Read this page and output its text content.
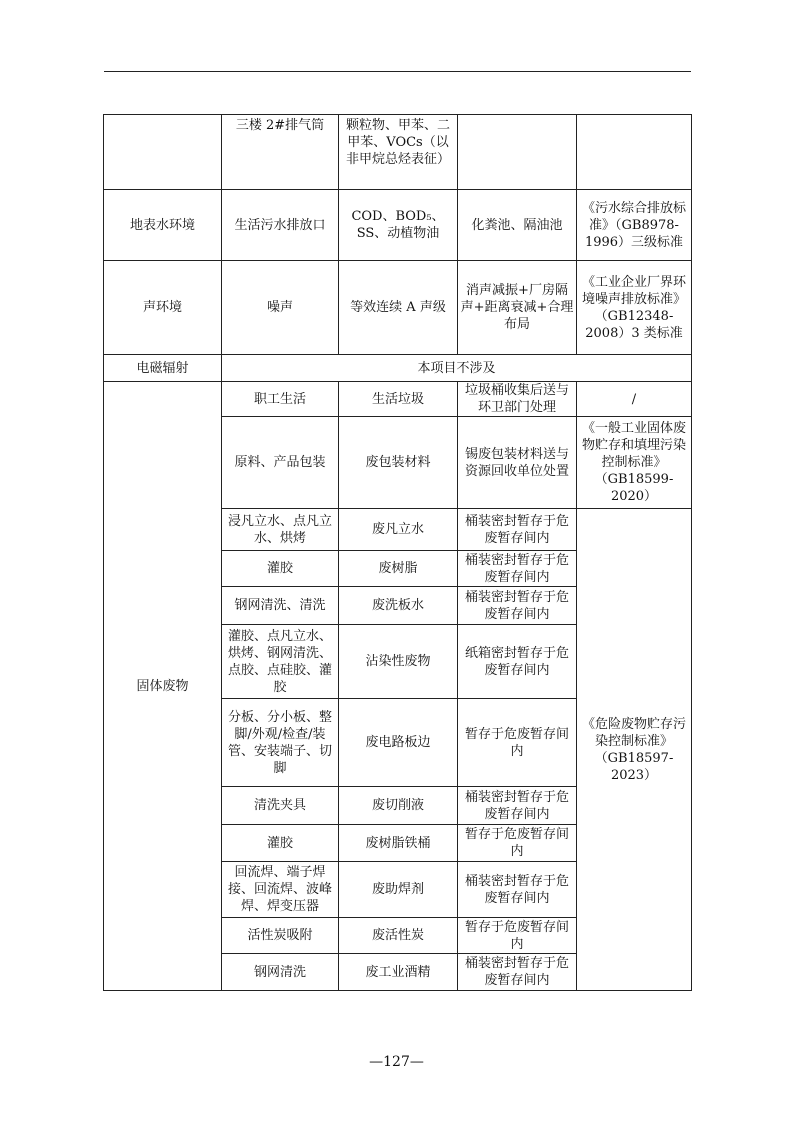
	三楼 2#排气筒	颗粒物、甲苯、二甲苯、VOCs（以非甲烷总烃表征）		
地表水环境	生活污水排放口	COD、BOD₅、SS、动植物油	化粪池、隔油池	《污水综合排放标准》（GB8978-1996）三级标准
声环境	噪声	等效连续 A 声级	消声减振+厂房隔声+距离衰减+合理布局	《工业企业厂界环境噪声排放标准》（GB12348-2008）3 类标准
电磁辐射	本项目不涉及			
固体废物	职工生活	生活垃圾	垃圾桶收集后送与环卫部门处理	/
	原料、产品包装	废包装材料	锡废包装材料送与资源回收单位处置	《一般工业固体废物贮存和填埋污染控制标准》（GB18599-2020）
	浸凡立水、点凡立水、烘烤	废凡立水	桶装密封暂存于危废暂存间内	《危险废物贮存污染控制标准》（GB18597-2023）
	灌胶	废树脂	桶装密封暂存于危废暂存间内	
	钢网清洗、清洗	废洗板水	桶装密封暂存于危废暂存间内	
	灌胶、点凡立水、烘烤、钢网清洗、点胶、点硅胶、灌胶	沾染性废物	纸箱密封暂存于危废暂存间内	
	分板、分小板、整脚/外观/检查/装管、安装端子、切脚	废电路板边	暂存于危废暂存间内	
	清洗夹具	废切削液	桶装密封暂存于危废暂存间内	
	灌胶	废树脂铁桶	暂存于危废暂存间内	
	回流焊、端子焊接、回流焊、波峰焊、焊变压器	废助焊剂	桶装密封暂存于危废暂存间内	
	活性炭吸附	废活性炭	暂存于危废暂存间内	
	钢网清洗	废工业酒精	桶装密封暂存于危废暂存间内	
—127—
